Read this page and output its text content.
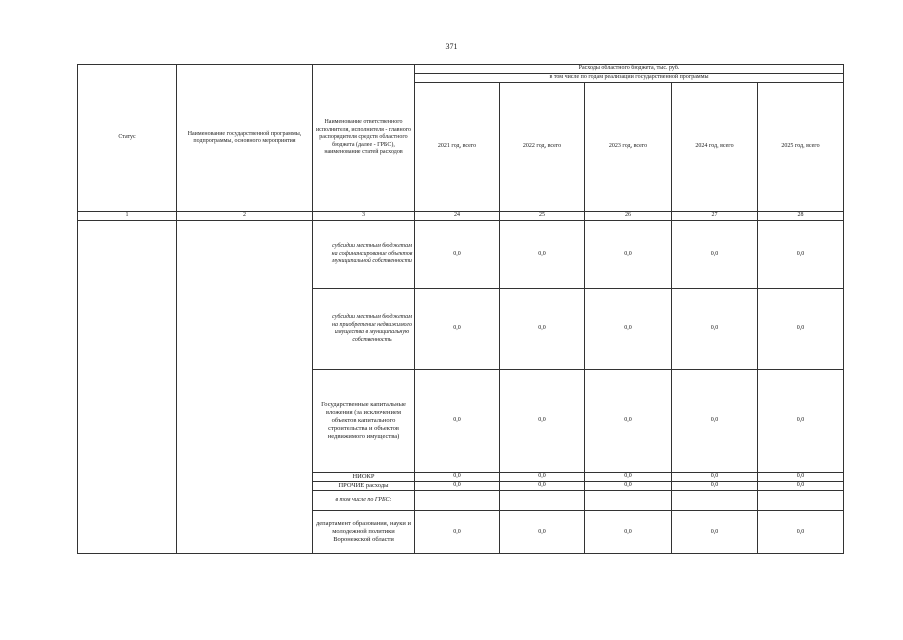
371
Статус	Наименование государственной программы, подпрограммы, основного мероприятия	Наименование ответственного исполнителя, исполнителя - главного распорядителя средств областного бюджета (далее - ГРБС), наименование статей расходов	Расходы областного бюджета, тыс. руб.				
			в том числе по годам реализации государственной программы				
			2021 год, всего	2022 год, всего	2023 год, всего	2024 год, всего	2025 год, всего
1	2	3	24	25	26	27	28
		субсидии местным бюджетам на софинансирование объектов муниципальной собственности	0,0	0,0	0,0	0,0	0,0
		субсидии местным бюджетам на приобретение недвижимого имущества в муниципальную собственность	0,0	0,0	0,0	0,0	0,0
		Государственные капитальные вложения (за исключением объектов капитального строительства и объектов недвижимого имущества)	0,0	0,0	0,0	0,0	0,0
		НИОКР	0,0	0,0	0,0	0,0	0,0
		ПРОЧИЕ расходы	0,0	0,0	0,0	0,0	0,0
		в том числе по ГРБС:					
		департамент образования, науки и молодежной политики Воронежской области	0,0	0,0	0,0	0,0	0,0
